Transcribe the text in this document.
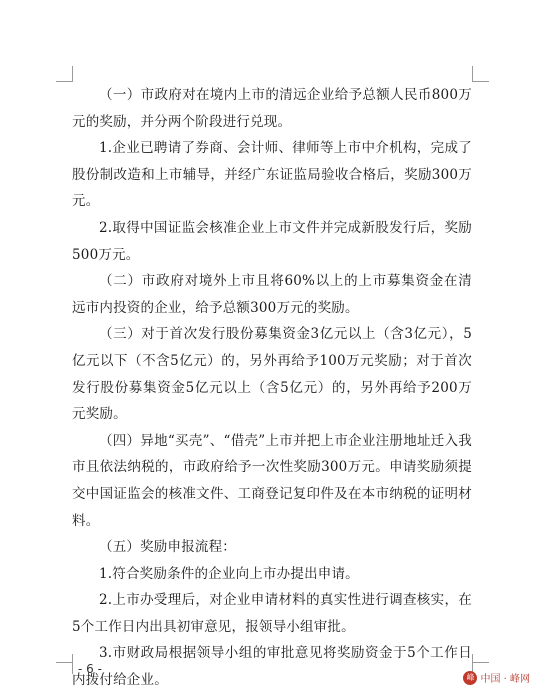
（一）市政府对在境内上市的清远企业给予总额人民币800万元的奖励，并分两个阶段进行兑现。

1.企业已聘请了券商、会计师、律师等上市中介机构，完成了股份制改造和上市辅导，并经广东证监局验收合格后，奖励300万元。

2.取得中国证监会核准企业上市文件并完成新股发行后，奖励500万元。

（二）市政府对境外上市且将60%以上的上市募集资金在清远市内投资的企业，给予总额300万元的奖励。

（三）对于首次发行股份募集资金3亿元以上（含3亿元），5亿元以下（不含5亿元）的，另外再给予100万元奖励；对于首次发行股份募集资金5亿元以上（含5亿元）的，另外再给予200万元奖励。

（四）异地“买壳”、“借壳”上市并把上市企业注册地址迁入我市且依法纳税的，市政府给予一次性奖励300万元。申请奖励须提交中国证监会的核准文件、工商登记复印件及在本市纳税的证明材料。

（五）奖励申报流程：

1.符合奖励条件的企业向上市办提出申请。

2.上市办受理后，对企业申请材料的真实性进行调查核实，在5个工作日内出具初审意见，报领导小组审批。

3.市财政局根据领导小组的审批意见将奖励资金于5个工作日内拨付给企业。

- 6 -
峰 中国 · 峰网
